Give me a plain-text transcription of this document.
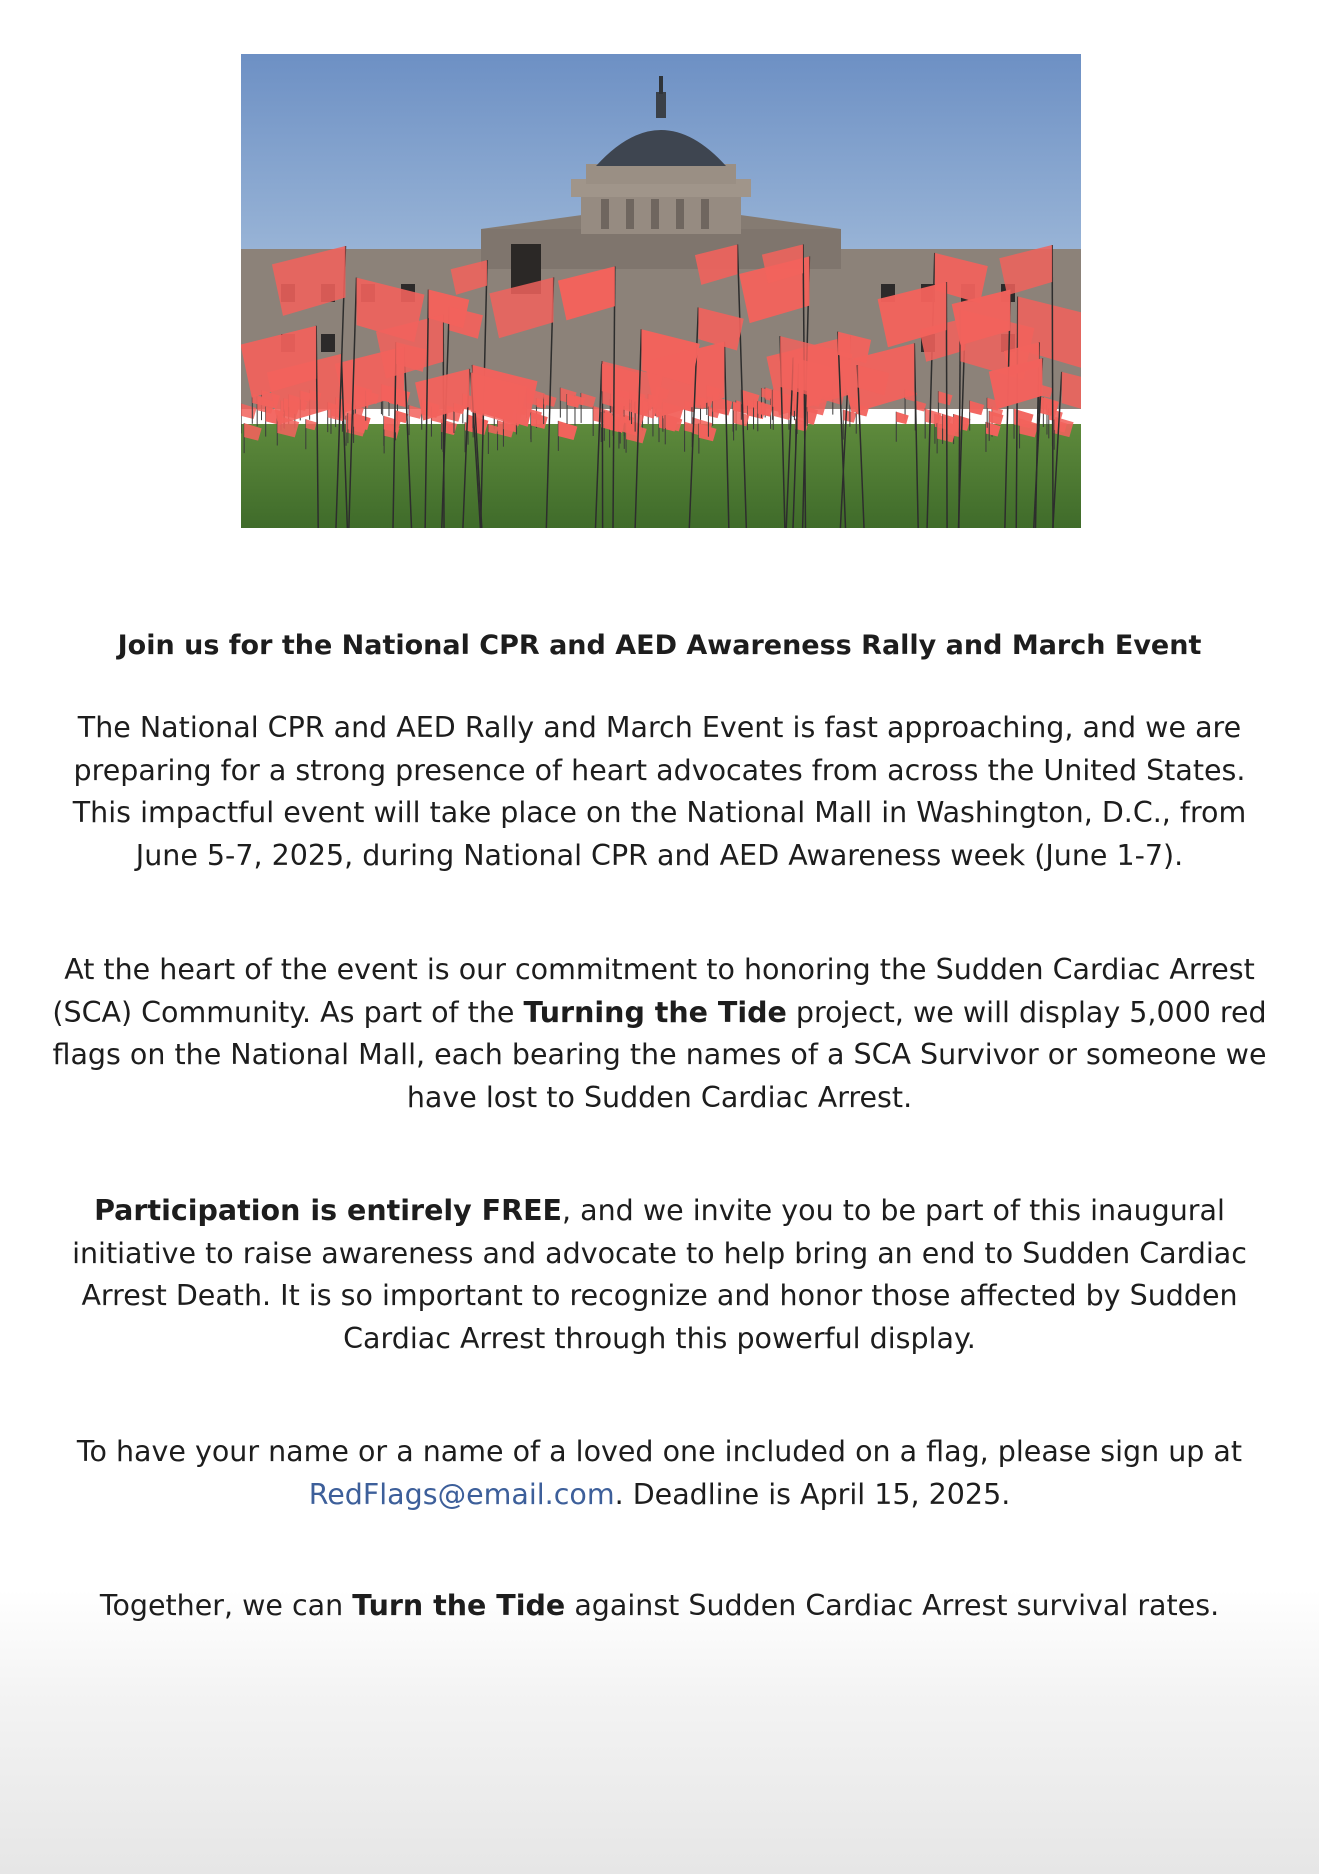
Join us for the National CPR and AED Awareness Rally and March Event

The National CPR and AED Rally and March Event is fast approaching, and we are preparing for a strong presence of heart advocates from across the United States. This impactful event will take place on the National Mall in Washington, D.C., from June 5-7, 2025, during National CPR and AED Awareness week (June 1-7).

At the heart of the event is our commitment to honoring the Sudden Cardiac Arrest (SCA) Community. As part of the Turning the Tide project, we will display 5,000 red flags on the National Mall, each bearing the names of a SCA Survivor or someone we have lost to Sudden Cardiac Arrest.

Participation is entirely FREE, and we invite you to be part of this inaugural initiative to raise awareness and advocate to help bring an end to Sudden Cardiac Arrest Death. It is so important to recognize and honor those affected by Sudden Cardiac Arrest through this powerful display.

To have your name or a name of a loved one included on a flag, please sign up at RedFlags@email.com. Deadline is April 15, 2025.

Together, we can Turn the Tide against Sudden Cardiac Arrest survival rates.
